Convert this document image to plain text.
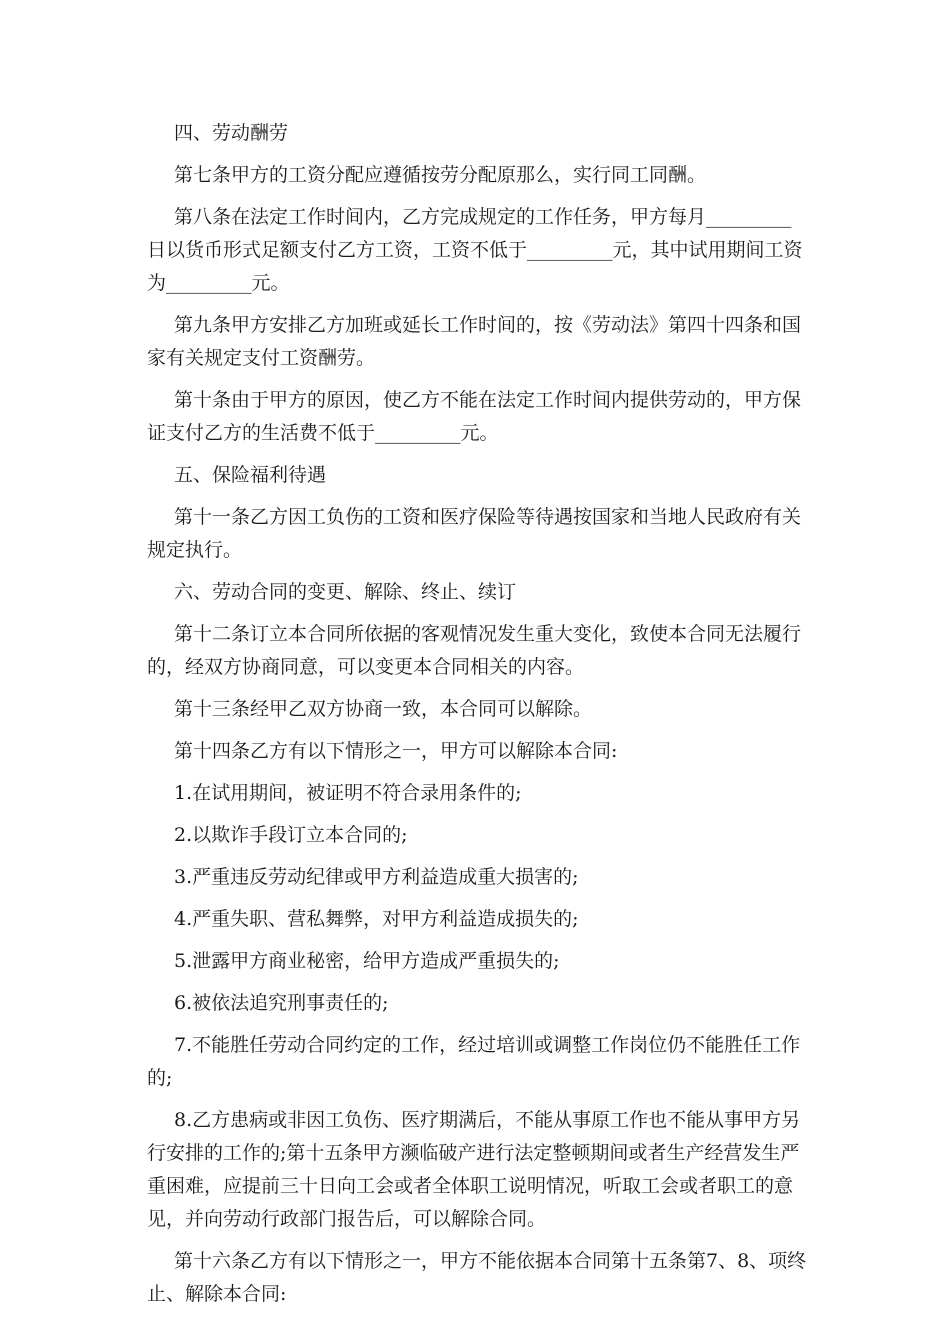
四、劳动酬劳

第七条甲方的工资分配应遵循按劳分配原那么，实行同工同酬。

第八条在法定工作时间内，乙方完成规定的工作任务，甲方每月_________日以货币形式足额支付乙方工资，工资不低于_________元，其中试用期间工资为_________元。

第九条甲方安排乙方加班或延长工作时间的，按《劳动法》第四十四条和国家有关规定支付工资酬劳。

第十条由于甲方的原因，使乙方不能在法定工作时间内提供劳动的，甲方保证支付乙方的生活费不低于_________元。

五、保险福利待遇

第十一条乙方因工负伤的工资和医疗保险等待遇按国家和当地人民政府有关规定执行。

六、劳动合同的变更、解除、终止、续订

第十二条订立本合同所依据的客观情况发生重大变化，致使本合同无法履行的，经双方协商同意，可以变更本合同相关的内容。

第十三条经甲乙双方协商一致，本合同可以解除。

第十四条乙方有以下情形之一，甲方可以解除本合同:

1.在试用期间，被证明不符合录用条件的;

2.以欺诈手段订立本合同的;

3.严重违反劳动纪律或甲方利益造成重大损害的;

4.严重失职、营私舞弊，对甲方利益造成损失的;

5.泄露甲方商业秘密，给甲方造成严重损失的;

6.被依法追究刑事责任的;

7.不能胜任劳动合同约定的工作，经过培训或调整工作岗位仍不能胜任工作的;

8.乙方患病或非因工负伤、医疗期满后，不能从事原工作也不能从事甲方另行安排的工作的;第十五条甲方濒临破产进行法定整顿期间或者生产经营发生严重困难，应提前三十日向工会或者全体职工说明情况，听取工会或者职工的意见，并向劳动行政部门报告后，可以解除合同。

第十六条乙方有以下情形之一，甲方不能依据本合同第十五条第7、8、项终止、解除本合同:
